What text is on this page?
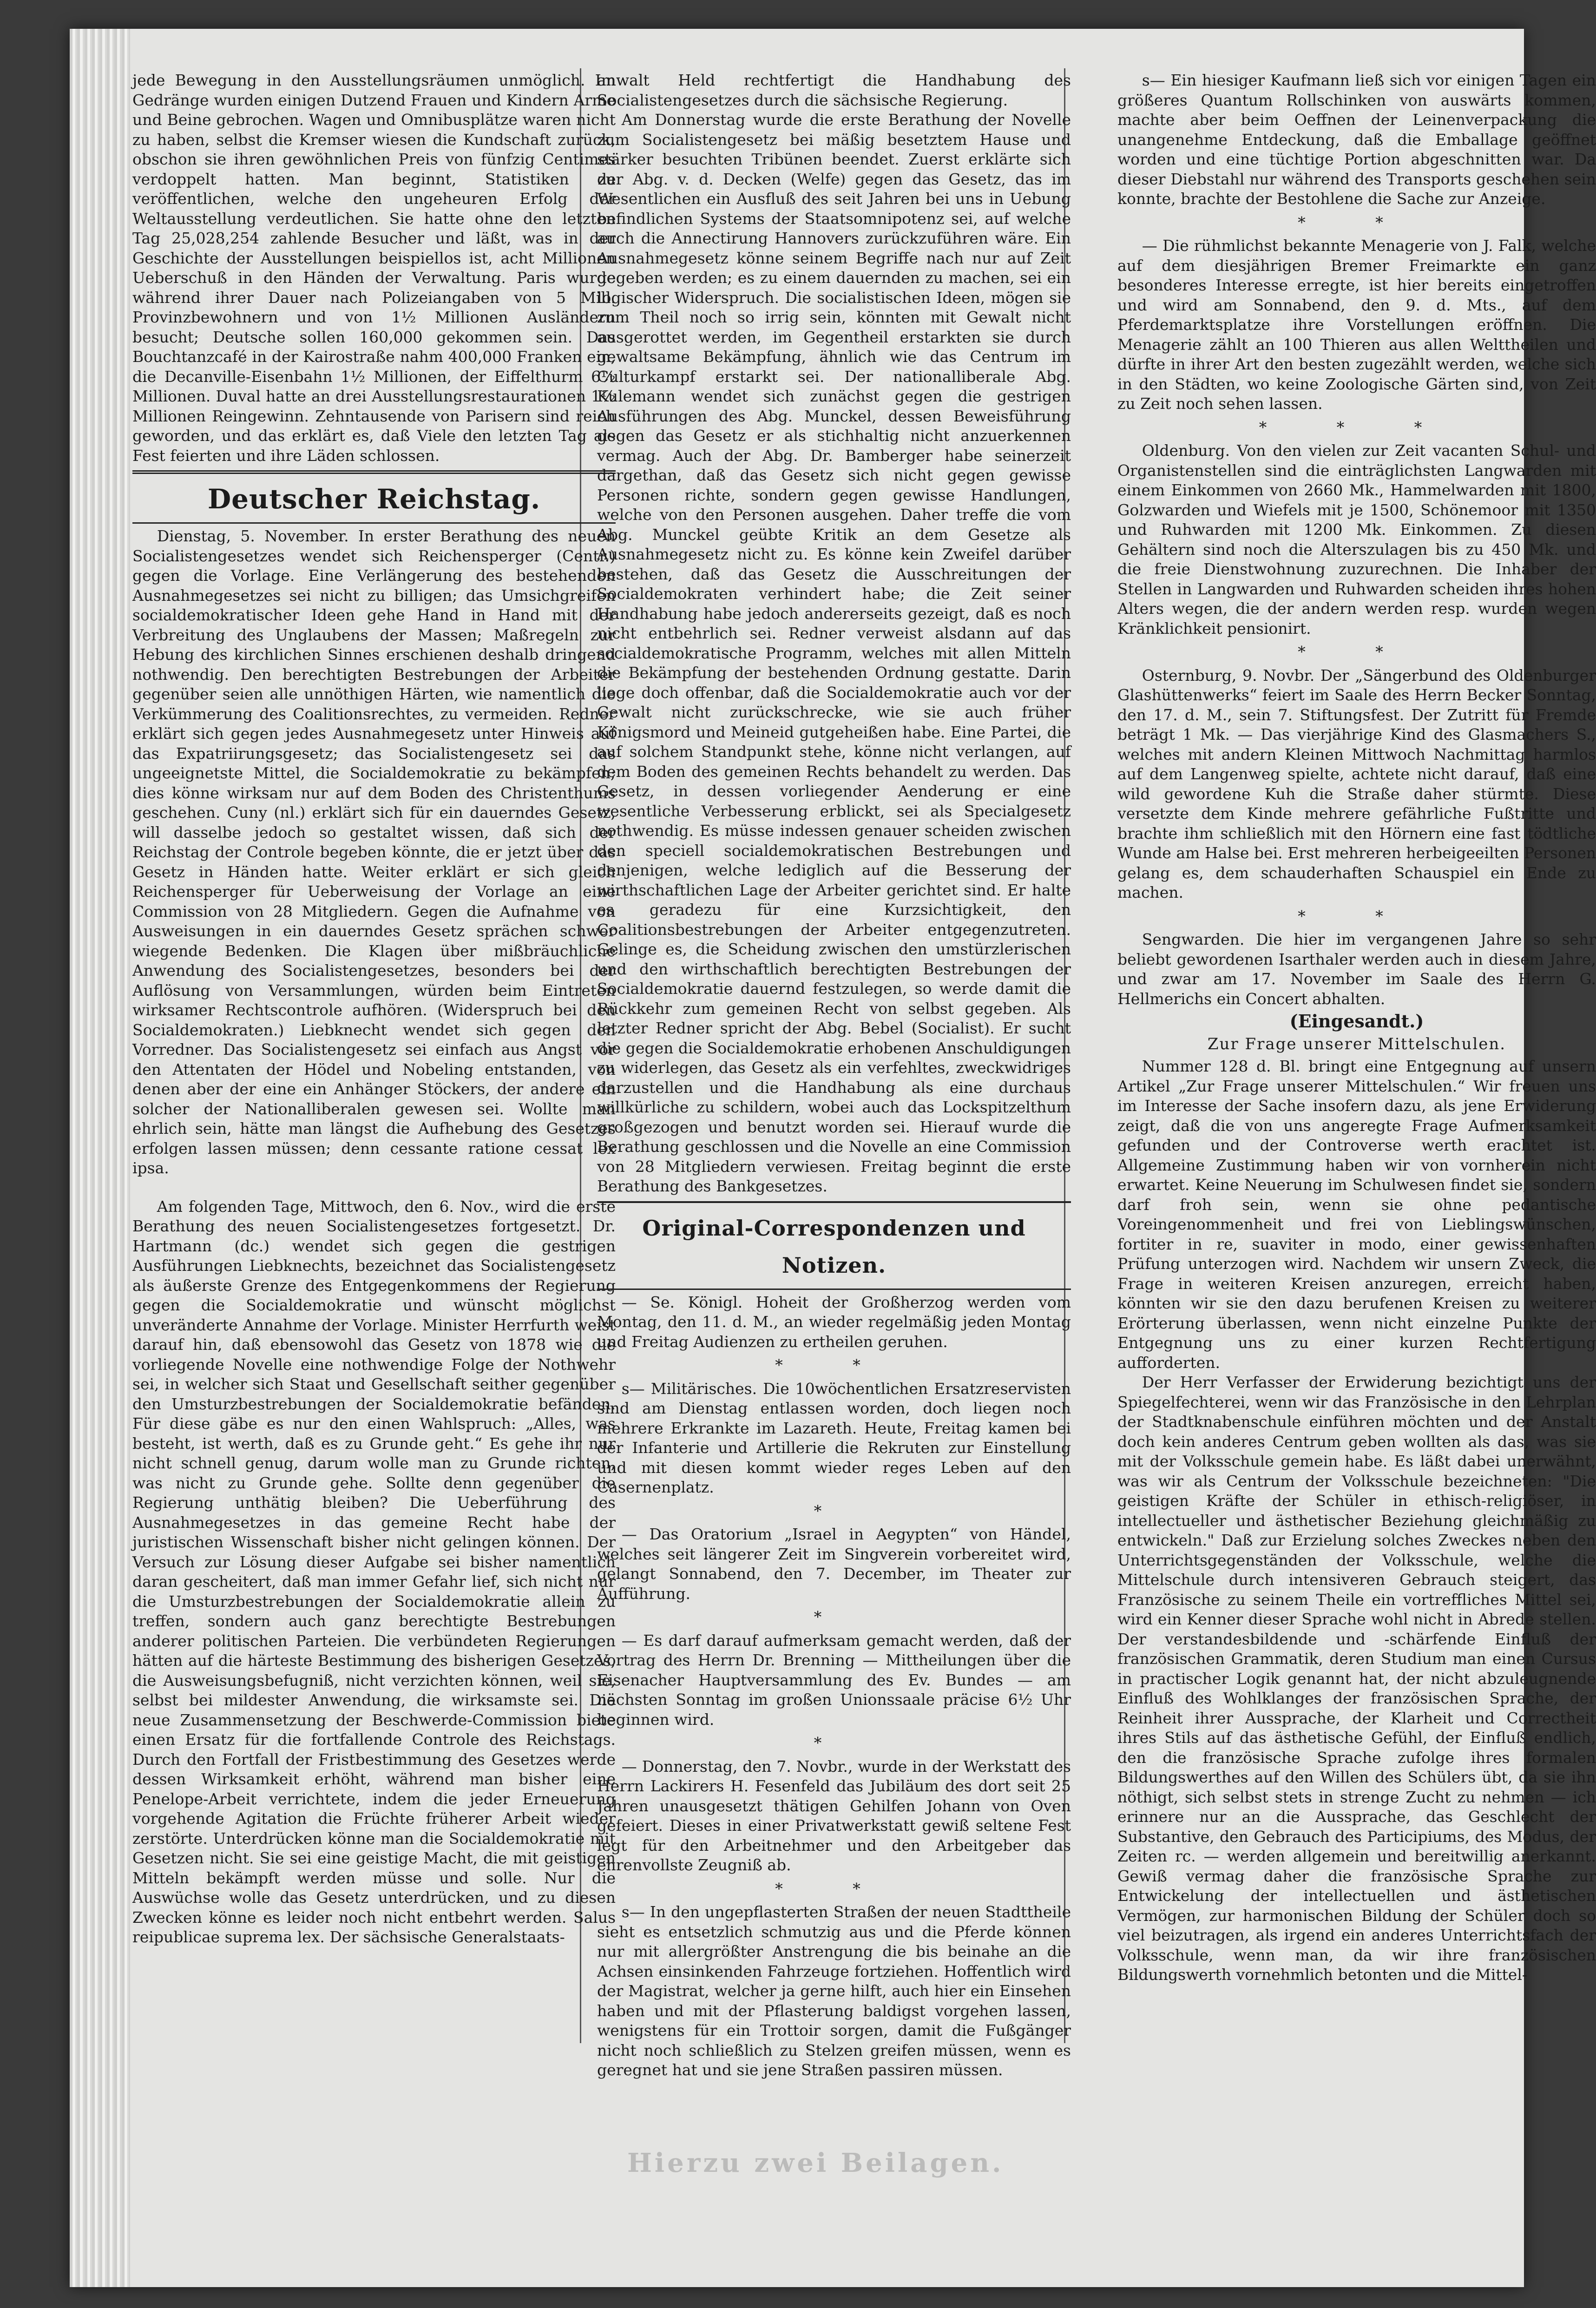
jede Bewegung in den Ausstellungsräumen unmöglich. Im Gedränge wurden einigen Dutzend Frauen und Kindern Arme und Beine gebrochen. Wagen und Omnibusplätze waren nicht zu haben, selbst die Kremser wiesen die Kundschaft zurück, obschon sie ihren gewöhnlichen Preis von fünfzig Centimes verdoppelt hatten. Man beginnt, Statistiken zu veröffentlichen, welche den ungeheuren Erfolg der Weltausstellung verdeutlichen. Sie hatte ohne den letzten Tag 25,028,254 zahlende Besucher und läßt, was in der Geschichte der Ausstellungen beispiellos ist, acht Millionen Ueberschuß in den Händen der Verwaltung. Paris wurde während ihrer Dauer nach Polizeiangaben von 5 Mill. Provinzbewohnern und von 1½ Millionen Ausländern besucht; Deutsche sollen 160,000 gekommen sein. Das Bouchtanzcafé in der Kairostraße nahm 400,000 Franken ein, die Decanville-Eisenbahn 1½ Millionen, der Eiffelthurm 6½ Millionen. Duval hatte an drei Ausstellungsrestaurationen 1½ Millionen Reingewinn. Zehntausende von Parisern sind reich geworden, und das erklärt es, daß Viele den letzten Tag als Fest feierten und ihre Läden schlossen.

Deutscher Reichstag.

Dienstag, 5. November. In erster Berathung des neuen Socialistengesetzes wendet sich Reichensperger (Centr.) gegen die Vorlage. Eine Verlängerung des bestehenden Ausnahmegesetzes sei nicht zu billigen; das Umsichgreifen socialdemokratischer Ideen gehe Hand in Hand mit der Verbreitung des Unglaubens der Massen; Maßregeln zur Hebung des kirchlichen Sinnes erschienen deshalb dringend nothwendig. Den berechtigten Bestrebungen der Arbeiter gegenüber seien alle unnöthigen Härten, wie namentlich die Verkümmerung des Coalitionsrechtes, zu vermeiden. Redner erklärt sich gegen jedes Ausnahmegesetz unter Hinweis auf das Expatriirungsgesetz; das Socialistengesetz sei das ungeeignetste Mittel, die Socialdemokratie zu bekämpfen; dies könne wirksam nur auf dem Boden des Christenthums geschehen. Cuny (nl.) erklärt sich für ein dauerndes Gesetz, will dasselbe jedoch so gestaltet wissen, daß sich der Reichstag der Controle begeben könnte, die er jetzt über das Gesetz in Händen hatte. Weiter erklärt er sich gleich Reichensperger für Ueberweisung der Vorlage an eine Commission von 28 Mitgliedern. Gegen die Aufnahme von Ausweisungen in ein dauerndes Gesetz sprächen schwer wiegende Bedenken. Die Klagen über mißbräuchliche Anwendung des Socialistengesetzes, besonders bei der Auflösung von Versammlungen, würden beim Eintreten wirksamer Rechtscontrole aufhören. (Widerspruch bei den Socialdemokraten.) Liebknecht wendet sich gegen den Vorredner. Das Socialistengesetz sei einfach aus Angst vor den Attentaten der Hödel und Nobeling entstanden, von denen aber der eine ein Anhänger Stöckers, der andere ein solcher der Nationalliberalen gewesen sei. Wollte man ehrlich sein, hätte man längst die Aufhebung des Gesetzes erfolgen lassen müssen; denn cessante ratione cessat lex ipsa.

Am folgenden Tage, Mittwoch, den 6. Nov., wird die erste Berathung des neuen Socialistengesetzes fortgesetzt. Dr. Hartmann (dc.) wendet sich gegen die gestrigen Ausführungen Liebknechts, bezeichnet das Socialistengesetz als äußerste Grenze des Entgegenkommens der Regierung gegen die Socialdemokratie und wünscht möglichst unveränderte Annahme der Vorlage. Minister Herrfurth weist darauf hin, daß ebensowohl das Gesetz von 1878 wie die vorliegende Novelle eine nothwendige Folge der Nothwehr sei, in welcher sich Staat und Gesellschaft seither gegenüber den Umsturzbestrebungen der Socialdemokratie befänden. Für diese gäbe es nur den einen Wahlspruch: „Alles, was besteht, ist werth, daß es zu Grunde geht.“ Es gehe ihr nur nicht schnell genug, darum wolle man zu Grunde richten, was nicht zu Grunde gehe. Sollte denn gegenüber die Regierung unthätig bleiben? Die Ueberführung des Ausnahmegesetzes in das gemeine Recht habe der juristischen Wissenschaft bisher nicht gelingen können. Der Versuch zur Lösung dieser Aufgabe sei bisher namentlich daran gescheitert, daß man immer Gefahr lief, sich nicht nur die Umsturzbestrebungen der Socialdemokratie allein zu treffen, sondern auch ganz berechtigte Bestrebungen anderer politischen Parteien. Die verbündeten Regierungen hätten auf die härteste Bestimmung des bisherigen Gesetzes, die Ausweisungsbefugniß, nicht verzichten können, weil sie, selbst bei mildester Anwendung, die wirksamste sei. Die neue Zusammensetzung der Beschwerde-Commission biete einen Ersatz für die fortfallende Controle des Reichstags. Durch den Fortfall der Fristbestimmung des Gesetzes werde dessen Wirksamkeit erhöht, während man bisher eine Penelope-Arbeit verrichtete, indem die jeder Erneuerung vorgehende Agitation die Früchte früherer Arbeit wieder zerstörte. Unterdrücken könne man die Socialdemokratie mit Gesetzen nicht. Sie sei eine geistige Macht, die mit geistigen Mitteln bekämpft werden müsse und solle. Nur die Auswüchse wolle das Gesetz unterdrücken, und zu diesen Zwecken könne es leider noch nicht entbehrt werden. Salus reipublicae suprema lex. Der sächsische Generalstaats-

anwalt Held rechtfertigt die Handhabung des Socialistengesetzes durch die sächsische Regierung.

Am Donnerstag wurde die erste Berathung der Novelle zum Socialistengesetz bei mäßig besetztem Hause und stärker besuchten Tribünen beendet. Zuerst erklärte sich der Abg. v. d. Decken (Welfe) gegen das Gesetz, das im Wesentlichen ein Ausfluß des seit Jahren bei uns in Uebung befindlichen Systems der Staatsomnipotenz sei, auf welche auch die Annectirung Hannovers zurückzuführen wäre. Ein Ausnahmegesetz könne seinem Begriffe nach nur auf Zeit gegeben werden; es zu einem dauernden zu machen, sei ein logischer Widerspruch. Die socialistischen Ideen, mögen sie zum Theil noch so irrig sein, könnten mit Gewalt nicht ausgerottet werden, im Gegentheil erstarkten sie durch gewaltsame Bekämpfung, ähnlich wie das Centrum im Culturkampf erstarkt sei. Der nationalliberale Abg. Kulemann wendet sich zunächst gegen die gestrigen Ausführungen des Abg. Munckel, dessen Beweisführung gegen das Gesetz er als stichhaltig nicht anzuerkennen vermag. Auch der Abg. Dr. Bamberger habe seinerzeit dargethan, daß das Gesetz sich nicht gegen gewisse Personen richte, sondern gegen gewisse Handlungen, welche von den Personen ausgehen. Daher treffe die vom Abg. Munckel geübte Kritik an dem Gesetze als Ausnahmegesetz nicht zu. Es könne kein Zweifel darüber bestehen, daß das Gesetz die Ausschreitungen der Socialdemokraten verhindert habe; die Zeit seiner Handhabung habe jedoch andererseits gezeigt, daß es noch nicht entbehrlich sei. Redner verweist alsdann auf das socialdemokratische Programm, welches mit allen Mitteln die Bekämpfung der bestehenden Ordnung gestatte. Darin liege doch offenbar, daß die Socialdemokratie auch vor der Gewalt nicht zurückschrecke, wie sie auch früher Königsmord und Meineid gutgeheißen habe. Eine Partei, die auf solchem Standpunkt stehe, könne nicht verlangen, auf dem Boden des gemeinen Rechts behandelt zu werden. Das Gesetz, in dessen vorliegender Aenderung er eine wesentliche Verbesserung erblickt, sei als Specialgesetz nothwendig. Es müsse indessen genauer scheiden zwischen den speciell socialdemokratischen Bestrebungen und denjenigen, welche lediglich auf die Besserung der wirthschaftlichen Lage der Arbeiter gerichtet sind. Er halte es geradezu für eine Kurzsichtigkeit, den Coalitionsbestrebungen der Arbeiter entgegenzutreten. Gelinge es, die Scheidung zwischen den umstürzlerischen und den wirthschaftlich berechtigten Bestrebungen der Socialdemokratie dauernd festzulegen, so werde damit die Rückkehr zum gemeinen Recht von selbst gegeben. Als letzter Redner spricht der Abg. Bebel (Socialist). Er sucht die gegen die Socialdemokratie erhobenen Anschuldigungen zu widerlegen, das Gesetz als ein verfehltes, zweckwidriges darzustellen und die Handhabung als eine durchaus willkürliche zu schildern, wobei auch das Lockspitzelthum großgezogen und benutzt worden sei. Hierauf wurde die Berathung geschlossen und die Novelle an eine Commission von 28 Mitgliedern verwiesen. Freitag beginnt die erste Berathung des Bankgesetzes.

Original-Correspondenzen und Notizen.

— Se. Königl. Hoheit der Großherzog werden vom Montag, den 11. d. M., an wieder regelmäßig jeden Montag und Freitag Audienzen zu ertheilen geruhen.

* *

s— Militärisches. Die 10wöchentlichen Ersatzreservisten sind am Dienstag entlassen worden, doch liegen noch mehrere Erkrankte im Lazareth. Heute, Freitag kamen bei der Infanterie und Artillerie die Rekruten zur Einstellung und mit diesen kommt wieder reges Leben auf den Casernenplatz.

*

— Das Oratorium „Israel in Aegypten“ von Händel, welches seit längerer Zeit im Singverein vorbereitet wird, gelangt Sonnabend, den 7. December, im Theater zur Aufführung.

*

— Es darf darauf aufmerksam gemacht werden, daß der Vortrag des Herrn Dr. Brenning — Mittheilungen über die Eisenacher Hauptversammlung des Ev. Bundes — am nächsten Sonntag im großen Unionssaale präcise 6½ Uhr beginnen wird.

*

— Donnerstag, den 7. Novbr., wurde in der Werkstatt des Herrn Lackirers H. Fesenfeld das Jubiläum des dort seit 25 Jahren unausgesetzt thätigen Gehilfen Johann von Oven gefeiert. Dieses in einer Privatwerkstatt gewiß seltene Fest legt für den Arbeitnehmer und den Arbeitgeber das ehrenvollste Zeugniß ab.

* *

s— In den ungepflasterten Straßen der neuen Stadttheile sieht es entsetzlich schmutzig aus und die Pferde können nur mit allergrößter Anstrengung die bis beinahe an die Achsen einsinkenden Fahrzeuge fortziehen. Hoffentlich wird der Magistrat, welcher ja gerne hilft, auch hier ein Einsehen haben und mit der Pflasterung baldigst vorgehen lassen, wenigstens für ein Trottoir sorgen, damit die Fußgänger nicht noch schließlich zu Stelzen greifen müssen, wenn es geregnet hat und sie jene Straßen passiren müssen.

s— Ein hiesiger Kaufmann ließ sich vor einigen Tagen ein größeres Quantum Rollschinken von auswärts kommen, machte aber beim Oeffnen der Leinenverpackung die unangenehme Entdeckung, daß die Emballage geöffnet worden und eine tüchtige Portion abgeschnitten war. Da dieser Diebstahl nur während des Transports geschehen sein konnte, brachte der Bestohlene die Sache zur Anzeige.

* *

— Die rühmlichst bekannte Menagerie von J. Falk, welche auf dem diesjährigen Bremer Freimarkte ein ganz besonderes Interesse erregte, ist hier bereits eingetroffen und wird am Sonnabend, den 9. d. Mts., auf dem Pferdemarktsplatze ihre Vorstellungen eröffnen. Die Menagerie zählt an 100 Thieren aus allen Welttheilen und dürfte in ihrer Art den besten zugezählt werden, welche sich in den Städten, wo keine Zoologische Gärten sind, von Zeit zu Zeit noch sehen lassen.

* * *

Oldenburg. Von den vielen zur Zeit vacanten Schul- und Organistenstellen sind die einträglichsten Langwarden mit einem Einkommen von 2660 Mk., Hammelwarden mit 1800, Golzwarden und Wiefels mit je 1500, Schönemoor mit 1350 und Ruhwarden mit 1200 Mk. Einkommen. Zu diesen Gehältern sind noch die Alterszulagen bis zu 450 Mk. und die freie Dienstwohnung zuzurechnen. Die Inhaber der Stellen in Langwarden und Ruhwarden scheiden ihres hohen Alters wegen, die der andern werden resp. wurden wegen Kränklichkeit pensionirt.

* *

Osternburg, 9. Novbr. Der „Sängerbund des Oldenburger Glashüttenwerks“ feiert im Saale des Herrn Becker Sonntag, den 17. d. M., sein 7. Stiftungsfest. Der Zutritt für Fremde beträgt 1 Mk. — Das vierjährige Kind des Glasmachers S., welches mit andern Kleinen Mittwoch Nachmittag harmlos auf dem Langenweg spielte, achtete nicht darauf, daß eine wild gewordene Kuh die Straße daher stürmte. Diese versetzte dem Kinde mehrere gefährliche Fußtritte und brachte ihm schließlich mit den Hörnern eine fast tödtliche Wunde am Halse bei. Erst mehreren herbeigeeilten Personen gelang es, dem schauderhaften Schauspiel ein Ende zu machen.

* *

Sengwarden. Die hier im vergangenen Jahre so sehr beliebt gewordenen Isarthaler werden auch in diesem Jahre, und zwar am 17. November im Saale des Herrn G. Hellmerichs ein Concert abhalten.

(Eingesandt.)
Zur Frage unserer Mittelschulen.

Nummer 128 d. Bl. bringt eine Entgegnung auf unsern Artikel „Zur Frage unserer Mittelschulen.“ Wir freuen uns im Interesse der Sache insofern dazu, als jene Erwiderung zeigt, daß die von uns angeregte Frage Aufmerksamkeit gefunden und der Controverse werth erachtet ist. Allgemeine Zustimmung haben wir von vornherein nicht erwartet. Keine Neuerung im Schulwesen findet sie, sondern darf froh sein, wenn sie ohne pedantische Voreingenommenheit und frei von Lieblingswünschen, fortiter in re, suaviter in modo, einer gewissenhaften Prüfung unterzogen wird. Nachdem wir unsern Zweck, die Frage in weiteren Kreisen anzuregen, erreicht haben, könnten wir sie den dazu berufenen Kreisen zu weiterer Erörterung überlassen, wenn nicht einzelne Punkte der Entgegnung uns zu einer kurzen Rechtfertigung aufforderten.

Der Herr Verfasser der Erwiderung bezichtigt uns der Spiegelfechterei, wenn wir das Französische in den Lehrplan der Stadtknabenschule einführen möchten und der Anstalt doch kein anderes Centrum geben wollten als das, was sie mit der Volksschule gemein habe. Es läßt dabei unerwähnt, was wir als Centrum der Volksschule bezeichneten: "Die geistigen Kräfte der Schüler in ethisch-religiöser, in intellectueller und ästhetischer Beziehung gleichmäßig zu entwickeln." Daß zur Erzielung solches Zweckes neben den Unterrichtsgegenständen der Volksschule, welche die Mittelschule durch intensiveren Gebrauch steigert, das Französische zu seinem Theile ein vortreffliches Mittel sei, wird ein Kenner dieser Sprache wohl nicht in Abrede stellen. Der verstandesbildende und -schärfende Einfluß der französischen Grammatik, deren Studium man einen Cursus in practischer Logik genannt hat, der nicht abzuleugnende Einfluß des Wohlklanges der französischen Sprache, der Reinheit ihrer Aussprache, der Klarheit und Correctheit ihres Stils auf das ästhetische Gefühl, der Einfluß endlich, den die französische Sprache zufolge ihres formalen Bildungswerthes auf den Willen des Schülers übt, da sie ihn nöthigt, sich selbst stets in strenge Zucht zu nehmen — ich erinnere nur an die Aussprache, das Geschlecht der Substantive, den Gebrauch des Participiums, des Modus, der Zeiten rc. — werden allgemein und bereitwillig anerkannt. Gewiß vermag daher die französische Sprache zur Entwickelung der intellectuellen und ästhetischen Vermögen, zur harmonischen Bildung der Schüler doch so viel beizutragen, als irgend ein anderes Unterrichtsfach der Volksschule, wenn man, da wir ihre französischen Bildungswerth vornehmlich betonten und die Mittel-

Hierzu zwei Beilagen.
